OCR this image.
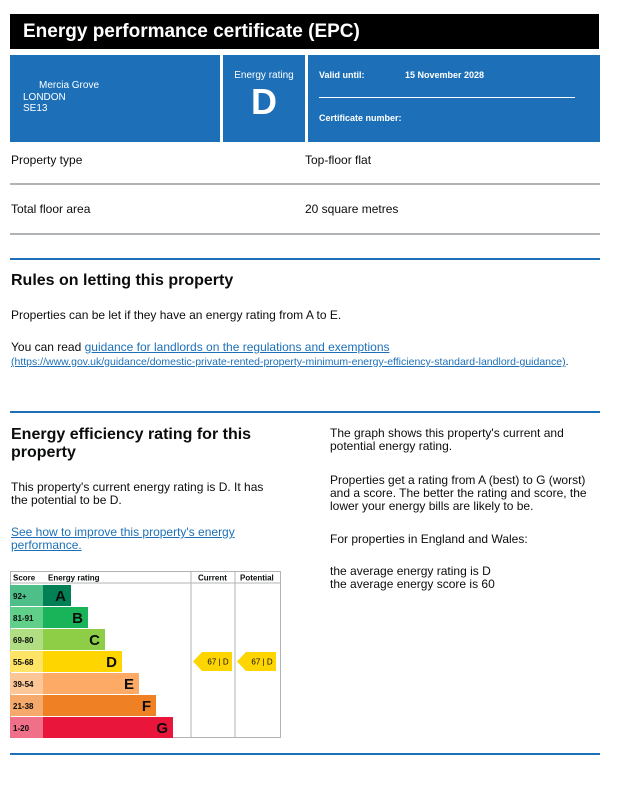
Energy performance certificate (EPC)
Mercia Grove
LONDON
SE13
Energy rating
D
Valid until:	15 November 2028
Certificate number:
Property type	Top-floor flat
Total floor area	20 square metres
Rules on letting this property

Properties can be let if they have an energy rating from A to E.

You can read guidance for landlords on the regulations and exemptions

(https://www.gov.uk/guidance/domestic-private-rented-property-minimum-energy-efficiency-standard-landlord-guidance).
Energy efficiency rating for this
property
This property's current energy rating is D. It has
the potential to be D.
See how to improve this property's energy
performance.
The graph shows this property's current and
potential energy rating.
Properties get a rating from A (best) to G (worst)
and a score. The better the rating and score, the
lower your energy bills are likely to be.
For properties in England and Wales:
the average energy rating is D
the average energy score is 60
Score Energy rating	Current Potential
92+ A
81-91	B
69-80	C
55-68	D
39-54	E
21-38	F
1-20	G
67 | D	67 | D
